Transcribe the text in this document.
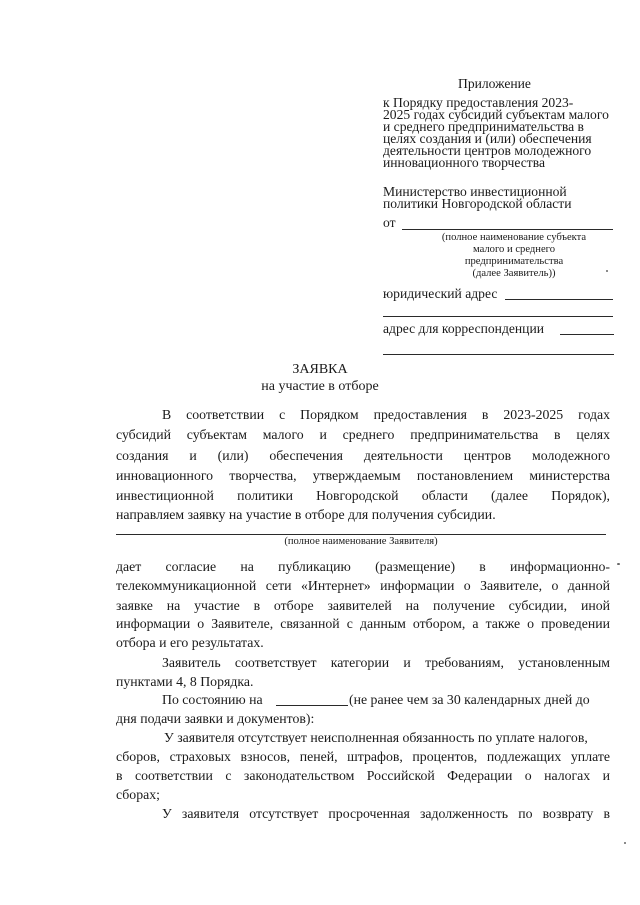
Приложение
к Порядку предоставления 2023-
2025 годах субсидий субъектам малого
и среднего предпринимательства в
целях создания и (или) обеспечения
деятельности центров молодежного
инновационного творчества
Министерство инвестиционной
политики Новгородской области
от
(полное наименование субъекта
малого и среднего
предпринимательства
(далее Заявитель))
юридический адрес
адрес для корреспонденции
ЗАЯВКА
на участие в отборе
В соответствии с Порядком предоставления в 2023-2025 годах
субсидий субъектам малого и среднего предпринимательства в целях
создания и (или) обеспечения деятельности центров молодежного
инновационного творчества, утверждаемым постановлением министерства
инвестиционной политики Новгородской области (далее Порядок),
направляем заявку на участие в отборе для получения субсидии.
(полное наименование Заявителя)
дает согласие на публикацию (размещение) в информационно-
телекоммуникационной сети «Интернет» информации о Заявителе, о данной
заявке на участие в отборе заявителей на получение субсидии, иной
информации о Заявителе, связанной с данным отбором, а также о проведении
отбора и его результатах.
Заявитель соответствует категории и требованиям, установленным
пунктами 4, 8 Порядка.
По состоянию на	(не ранее чем за 30 календарных дней до
дня подачи заявки и документов):
У заявителя отсутствует неисполненная обязанность по уплате налогов,
сборов, страховых взносов, пеней, штрафов, процентов, подлежащих уплате
в соответствии с законодательством Российской Федерации о налогах и
сборах;
У заявителя отсутствует просроченная задолженность по возврату в
